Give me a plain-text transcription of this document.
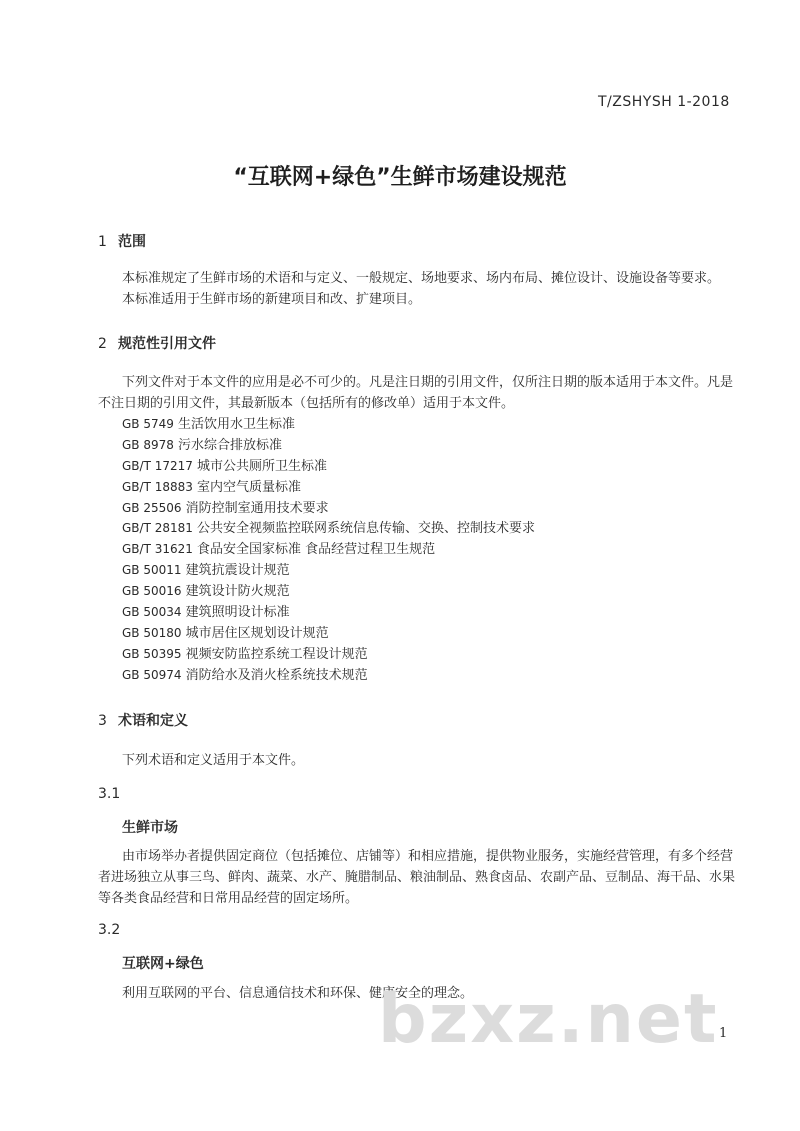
T/ZSHYSH 1-2018
“互联网+绿色”生鲜市场建设规范
1 范围
本标准规定了生鲜市场的术语和与定义、一般规定、场地要求、场内布局、摊位设计、设施设备等要求。
本标准适用于生鲜市场的新建项目和改、扩建项目。
2 规范性引用文件
下列文件对于本文件的应用是必不可少的。凡是注日期的引用文件，仅所注日期的版本适用于本文件。凡是不注日期的引用文件，其最新版本（包括所有的修改单）适用于本文件。
GB 5749 生活饮用水卫生标准
GB 8978 污水综合排放标准
GB/T 17217 城市公共厕所卫生标准
GB/T 18883 室内空气质量标准
GB 25506 消防控制室通用技术要求
GB/T 28181 公共安全视频监控联网系统信息传输、交换、控制技术要求
GB/T 31621 食品安全国家标准 食品经营过程卫生规范
GB 50011 建筑抗震设计规范
GB 50016 建筑设计防火规范
GB 50034 建筑照明设计标准
GB 50180 城市居住区规划设计规范
GB 50395 视频安防监控系统工程设计规范
GB 50974 消防给水及消火栓系统技术规范
3 术语和定义
下列术语和定义适用于本文件。
3.1
生鲜市场
由市场举办者提供固定商位（包括摊位、店铺等）和相应措施，提供物业服务，实施经营管理，有多个经营者进场独立从事三鸟、鲜肉、蔬菜、水产、腌腊制品、粮油制品、熟食卤品、农副产品、豆制品、海干品、水果等各类食品经营和日常用品经营的固定场所。
3.2
互联网+绿色
利用互联网的平台、信息通信技术和环保、健康安全的理念。
bzxz.net 1
